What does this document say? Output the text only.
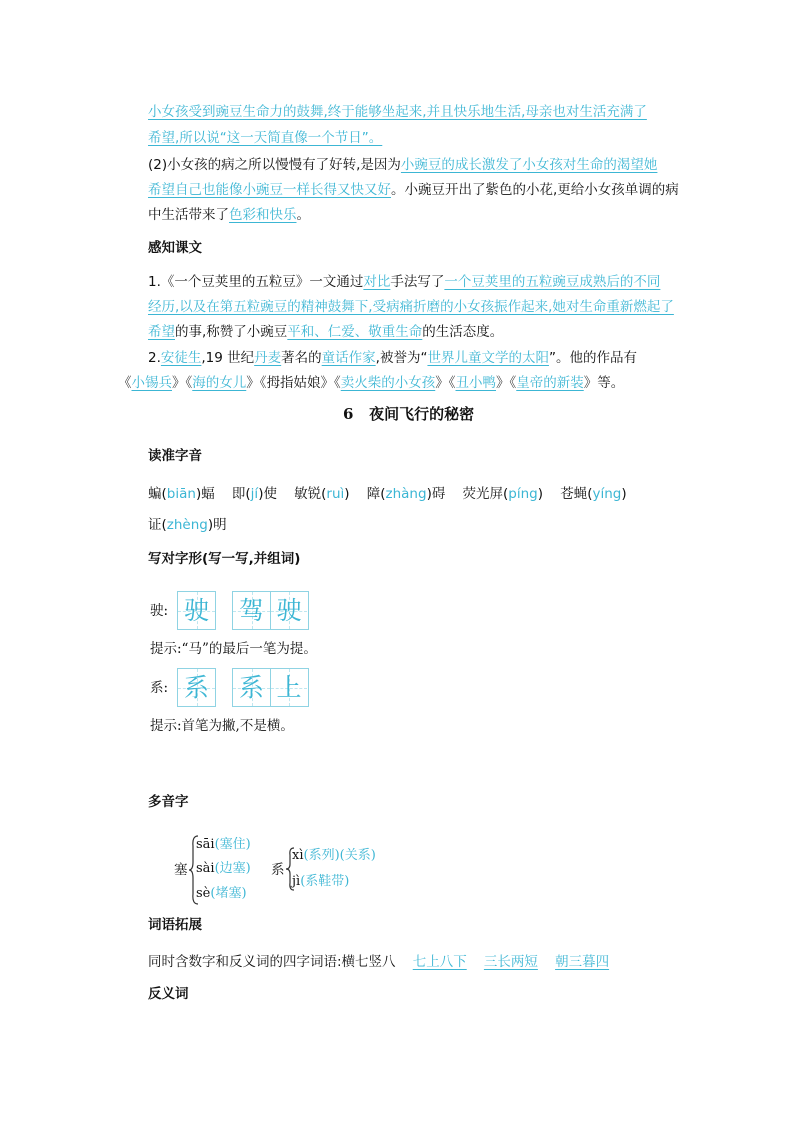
小女孩受到豌豆生命力的鼓舞,终于能够坐起来,并且快乐地生活,母亲也对生活充满了
希望,所以说“这一天简直像一个节日”。
(2)小女孩的病之所以慢慢有了好转,是因为小豌豆的成长激发了小女孩对生命的渴望她
希望自己也能像小豌豆一样长得又快又好。小豌豆开出了紫色的小花,更给小女孩单调的病
中生活带来了色彩和快乐。
感知课文
1.《一个豆荚里的五粒豆》一文通过对比手法写了一个豆荚里的五粒豌豆成熟后的不同
经历,以及在第五粒豌豆的精神鼓舞下,受病痛折磨的小女孩振作起来,她对生命重新燃起了
希望的事,称赞了小豌豆平和、仁爱、敬重生命的生活态度。
2.安徒生,19 世纪丹麦著名的童话作家,被誉为“世界儿童文学的太阳”。他的作品有
《小锡兵》《海的女儿》《拇指姑娘》《卖火柴的小女孩》《丑小鸭》《皇帝的新装》等。
6 夜间飞行的秘密
读准字音
蝙(biān)蝠 即(jí)使 敏锐(ruì) 障(zhàng)碍 荧光屏(píng) 苍蝇(yíng)
证(zhèng)明
写对字形(写一写,并组词)
驶: 驶 驾 驶
提示:“马”的最后一笔为提。
系: 系 系 上
提示:首笔为撇,不是横。
多音字
塞
sāi(塞住)
sài(边塞)
sè(堵塞)
系
xì(系列)(关系)
jì(系鞋带)
词语拓展
同时含数字和反义词的四字词语:横七竖八 七上八下 三长两短 朝三暮四
反义词
